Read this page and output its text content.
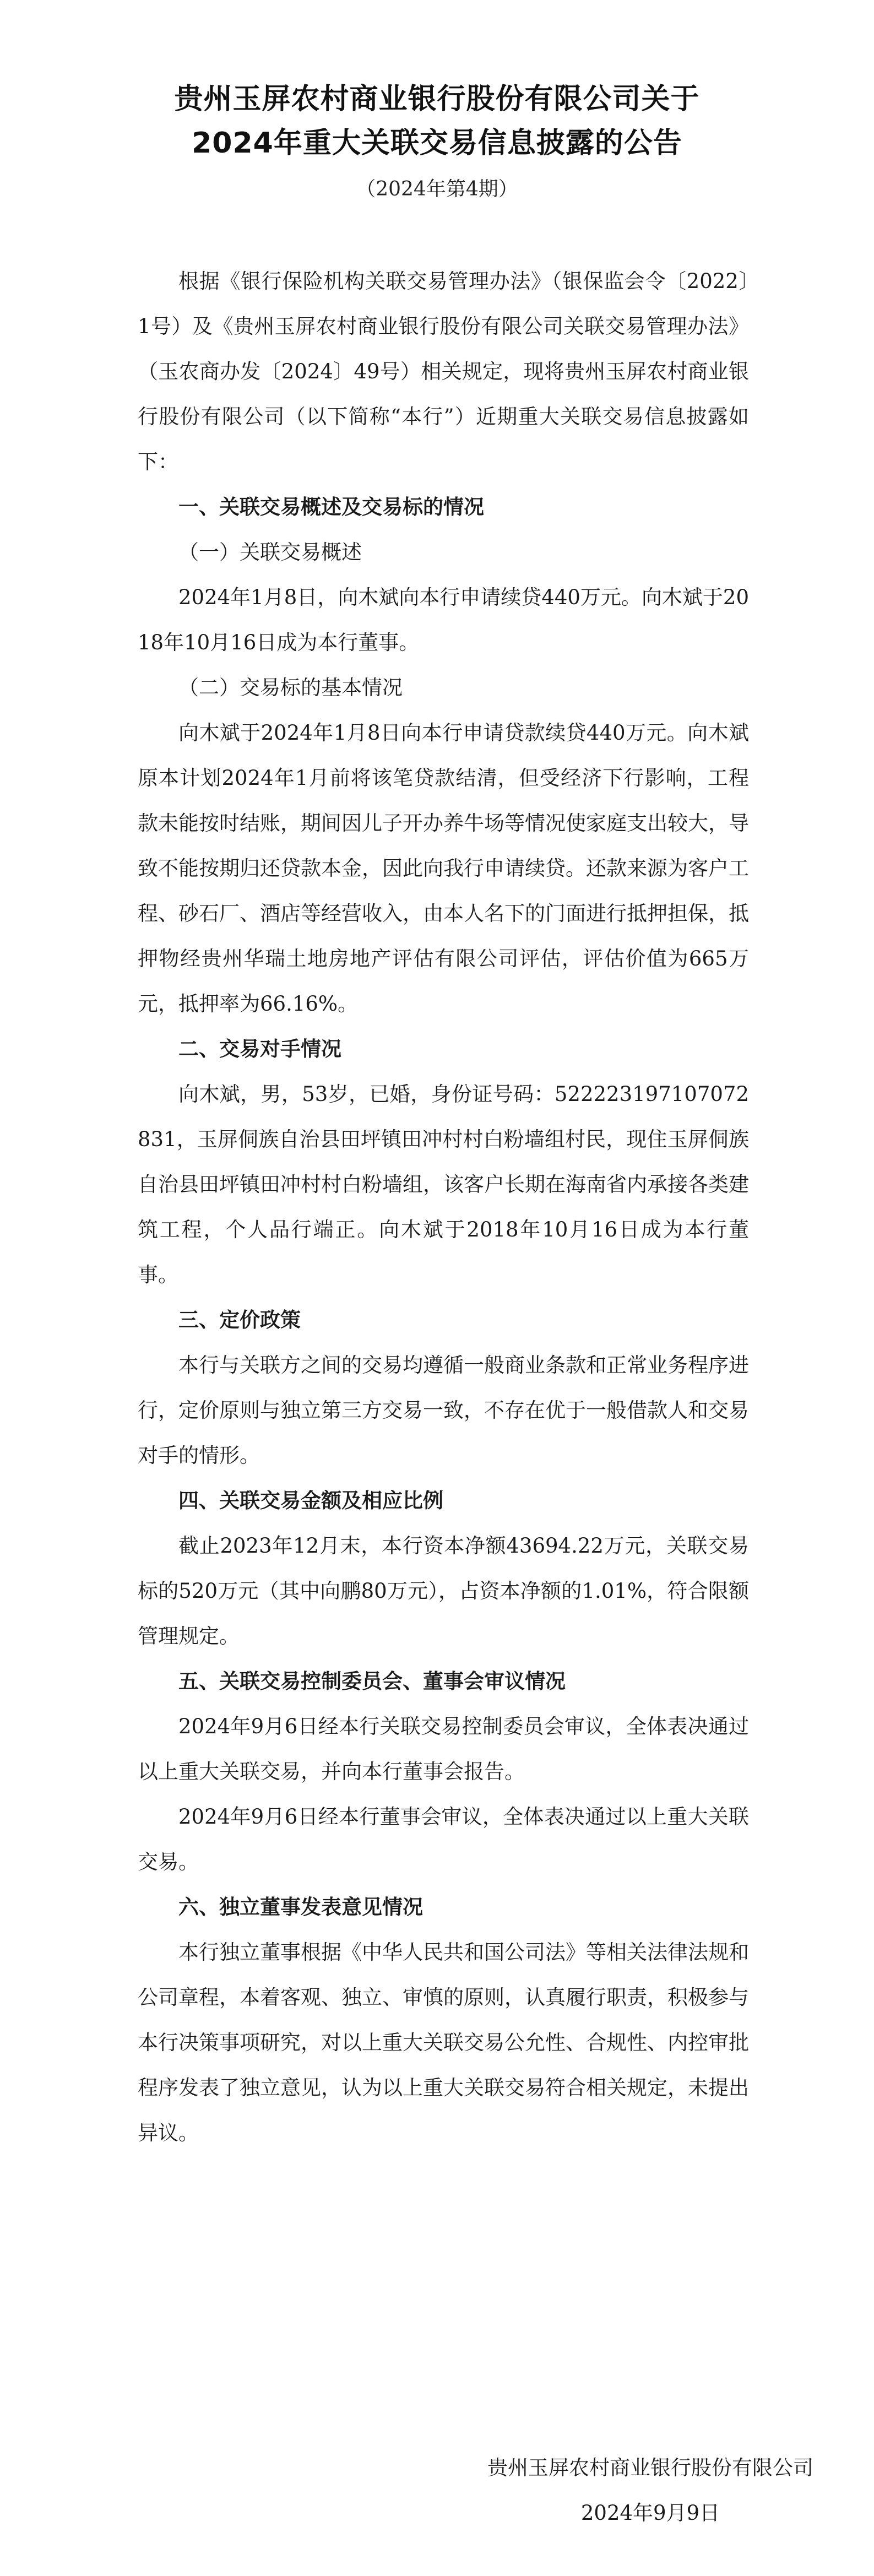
贵州玉屏农村商业银行股份有限公司关于
2024年重大关联交易信息披露的公告
（2024年第4期）

根据《银行保险机构关联交易管理办法》（银保监会令〔2022〕1号）及《贵州玉屏农村商业银行股份有限公司关联交易管理办法》（玉农商办发〔2024〕49号）相关规定，现将贵州玉屏农村商业银行股份有限公司（以下简称“本行”）近期重大关联交易信息披露如下：

一、关联交易概述及交易标的情况

（一）关联交易概述

2024年1月8日，向木斌向本行申请续贷440万元。向木斌于2018年10月16日成为本行董事。

（二）交易标的基本情况

向木斌于2024年1月8日向本行申请贷款续贷440万元。向木斌原本计划2024年1月前将该笔贷款结清，但受经济下行影响，工程款未能按时结账，期间因儿子开办养牛场等情况使家庭支出较大，导致不能按期归还贷款本金，因此向我行申请续贷。还款来源为客户工程、砂石厂、酒店等经营收入，由本人名下的门面进行抵押担保，抵押物经贵州华瑞土地房地产评估有限公司评估，评估价值为665万元，抵押率为66.16%。

二、交易对手情况

向木斌，男，53岁，已婚，身份证号码：522223197107072831，玉屏侗族自治县田坪镇田冲村村白粉墙组村民，现住玉屏侗族自治县田坪镇田冲村村白粉墙组，该客户长期在海南省内承接各类建筑工程，个人品行端正。向木斌于2018年10月16日成为本行董事。

三、定价政策

本行与关联方之间的交易均遵循一般商业条款和正常业务程序进行，定价原则与独立第三方交易一致，不存在优于一般借款人和交易对手的情形。

四、关联交易金额及相应比例

截止2023年12月末，本行资本净额43694.22万元，关联交易标的520万元（其中向鹏80万元），占资本净额的1.01%，符合限额管理规定。

五、关联交易控制委员会、董事会审议情况

2024年9月6日经本行关联交易控制委员会审议，全体表决通过以上重大关联交易，并向本行董事会报告。

2024年9月6日经本行董事会审议，全体表决通过以上重大关联交易。

六、独立董事发表意见情况

本行独立董事根据《中华人民共和国公司法》等相关法律法规和公司章程，本着客观、独立、审慎的原则，认真履行职责，积极参与本行决策事项研究，对以上重大关联交易公允性、合规性、内控审批程序发表了独立意见，认为以上重大关联交易符合相关规定，未提出异议。

贵州玉屏农村商业银行股份有限公司
2024年9月9日
